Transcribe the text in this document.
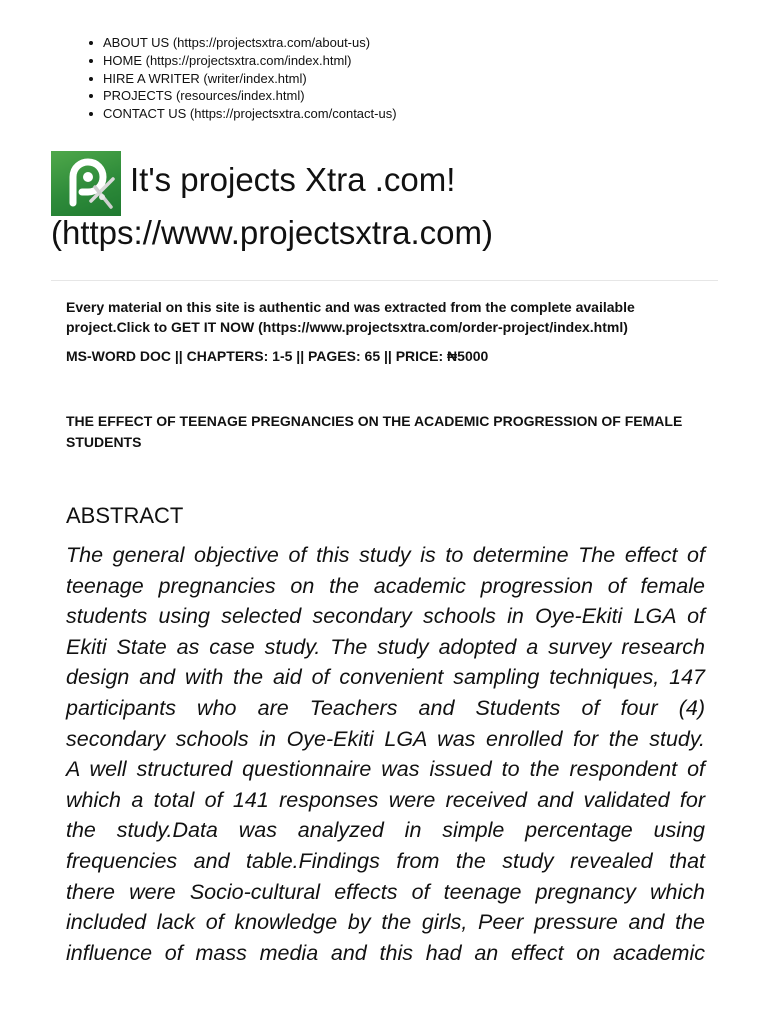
ABOUT US (https://projectsxtra.com/about-us)
HOME (https://projectsxtra.com/index.html)
HIRE A WRITER (writer/index.html)
PROJECTS (resources/index.html)
CONTACT US (https://projectsxtra.com/contact-us)
It's projects Xtra .com!
(https://www.projectsxtra.com)
Every material on this site is authentic and was extracted from the complete available project.Click to GET IT NOW (https://www.projectsxtra.com/order-project/index.html)
MS-WORD DOC || CHAPTERS: 1-5 || PAGES: 65 || PRICE: ₦5000
THE EFFECT OF TEENAGE PREGNANCIES ON THE ACADEMIC PROGRESSION OF FEMALE STUDENTS
ABSTRACT
The general objective of this study is to determine The effect of
teenage pregnancies on the academic progression of female
students using selected secondary schools in Oye-Ekiti LGA of
Ekiti State as case study. The study adopted a survey research
design and with the aid of convenient sampling techniques, 147
participants who are Teachers and Students of four (4)
secondary schools in Oye-Ekiti LGA was enrolled for the study.
A well structured questionnaire was issued to the respondent of
which a total of 141 responses were received and validated for
the study.Data was analyzed in simple percentage using
frequencies and table.Findings from the study revealed that
there were Socio-cultural effects of teenage pregnancy which
included lack of knowledge by the girls, Peer pressure and the
influence of mass media and this had an effect on academic
